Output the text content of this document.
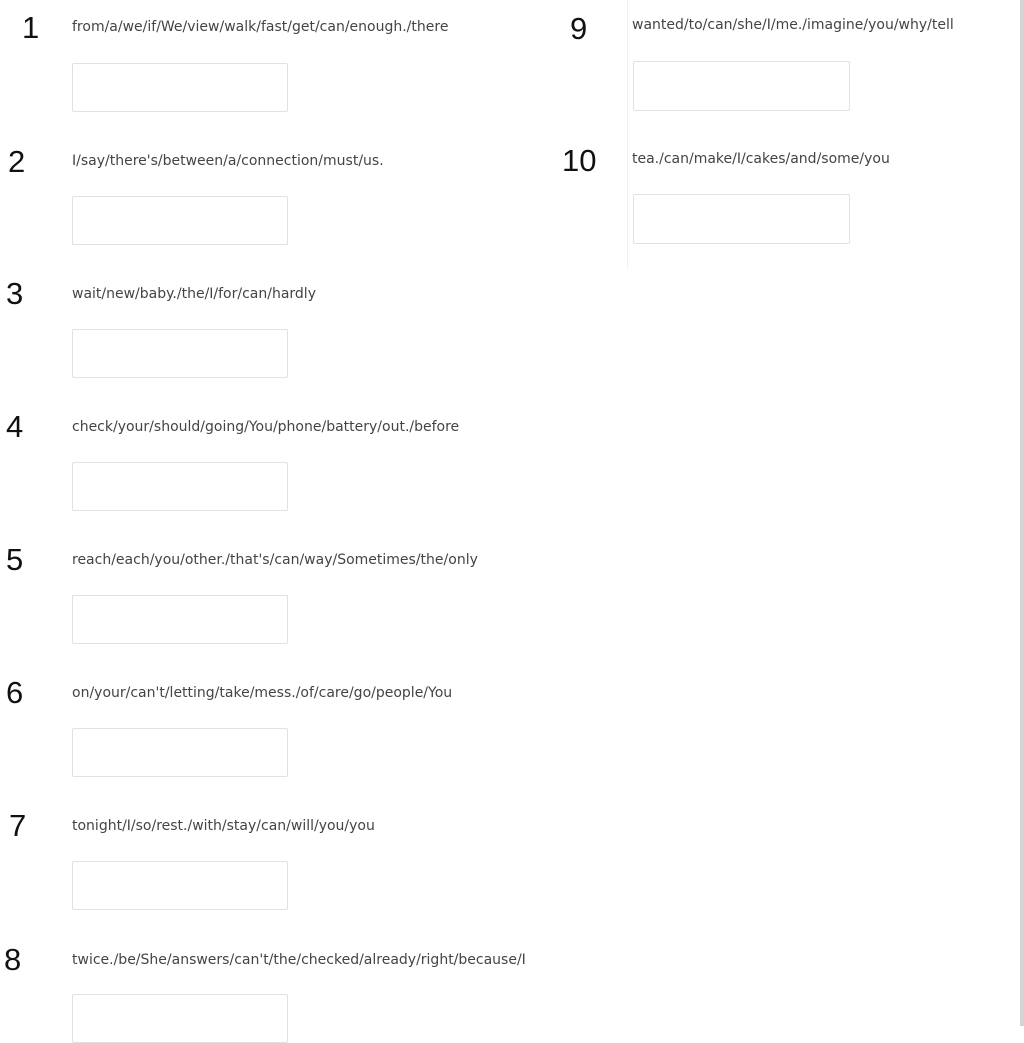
1 from/a/we/if/We/view/walk/fast/get/can/enough./there
2	I/say/there's/between/a/connection/must/us.
3	wait/new/baby./the/I/for/can/hardly
4	check/your/should/going/You/phone/battery/out./before
5	reach/each/you/other./that's/can/way/Sometimes/the/only
6	on/your/can't/letting/take/mess./of/care/go/people/You
7	tonight/I/so/rest./with/stay/can/will/you/you
8	twice./be/She/answers/can't/the/checked/already/right/because/I
9	wanted/to/can/she/I/me./imagine/you/why/tell
10	tea./can/make/I/cakes/and/some/you
